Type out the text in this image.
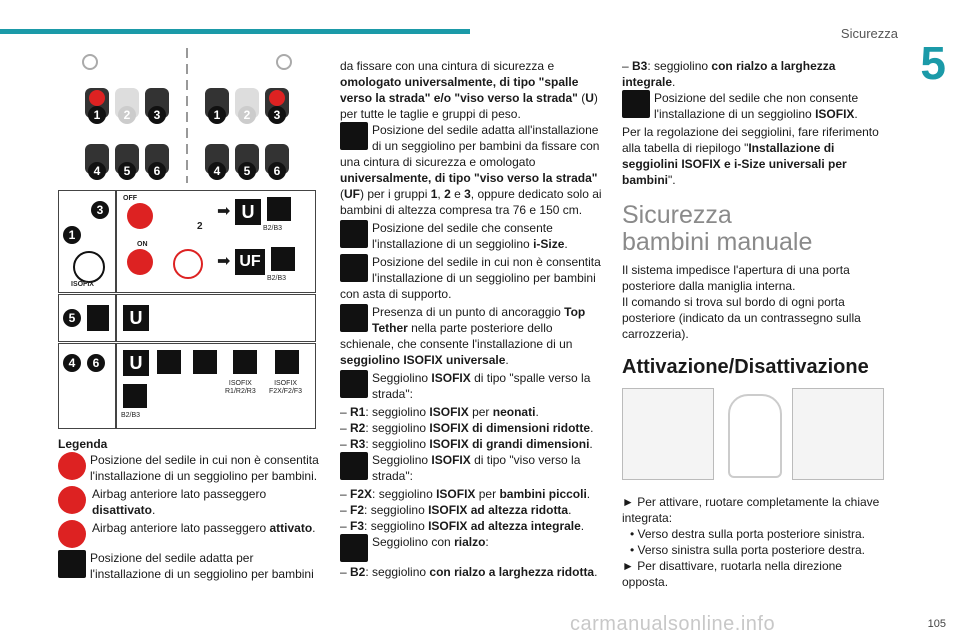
Sicurezza
5
105
carmanualsonline.info
1	2	3
4	5	6
1	2	3
4	5	6
3
1
ISOFIX
OFF
2
➡ U
B2/B3
ON
➡ UF
B2/B3
5	U
4	6	U
ISOFIX
R1/R2/R3
ISOFIX
F2X/F2/F3
B2/B3

Legenda

Posizione del sedile in cui non è consentita l'installazione di un seggiolino per bambini.
Airbag anteriore lato passeggero disattivato.
Airbag anteriore lato passeggero attivato.
Posizione del sedile adatta per l'installazione di un seggiolino per bambini

da fissare con una cintura di sicurezza e omologato universalmente, di tipo "spalle verso la strada" e/o "viso verso la strada" (U) per tutte le taglie e gruppi di peso.

Posizione del sedile adatta all'installazione di un seggiolino per bambini da fissare con una cintura di sicurezza e omologato universalmente, di tipo "viso verso la strada" (UF) per i gruppi 1, 2 e 3, oppure dedicato solo ai bambini di altezza compresa tra 76 e 150 cm.
Posizione del sedile che consente l'installazione di un seggiolino i-Size.
Posizione del sedile in cui non è consentita l'installazione di un seggiolino per bambini con asta di supporto.
Presenza di un punto di ancoraggio Top Tether nella parte posteriore dello schienale, che consente l'installazione di un seggiolino ISOFIX universale.
Seggiolino ISOFIX di tipo "spalle verso la strada":

– R1: seggiolino ISOFIX per neonati.

– R2: seggiolino ISOFIX di dimensioni ridotte.

– R3: seggiolino ISOFIX di grandi dimensioni.

Seggiolino ISOFIX di tipo "viso verso la strada":

– F2X: seggiolino ISOFIX per bambini piccoli.

– F2: seggiolino ISOFIX ad altezza ridotta.

– F3: seggiolino ISOFIX ad altezza integrale.

Seggiolino con rialzo:

– B2: seggiolino con rialzo a larghezza ridotta.

– B3: seggiolino con rialzo a larghezza integrale.

Posizione del sedile che non consente l'installazione di un seggiolino ISOFIX.

Per la regolazione dei seggiolini, fare riferimento alla tabella di riepilogo "Installazione di seggiolini ISOFIX e i-Size universali per bambini".

Sicurezza bambini manuale

Il sistema impedisce l'apertura di una porta posteriore dalla maniglia interna.

Il comando si trova sul bordo di ogni porta posteriore (indicato da un contrassegno sulla carrozzeria).

Attivazione/Disattivazione

► Per attivare, ruotare completamente la chiave integrata:

• Verso destra sulla porta posteriore sinistra.

• Verso sinistra sulla porta posteriore destra.

► Per disattivare, ruotarla nella direzione opposta.
